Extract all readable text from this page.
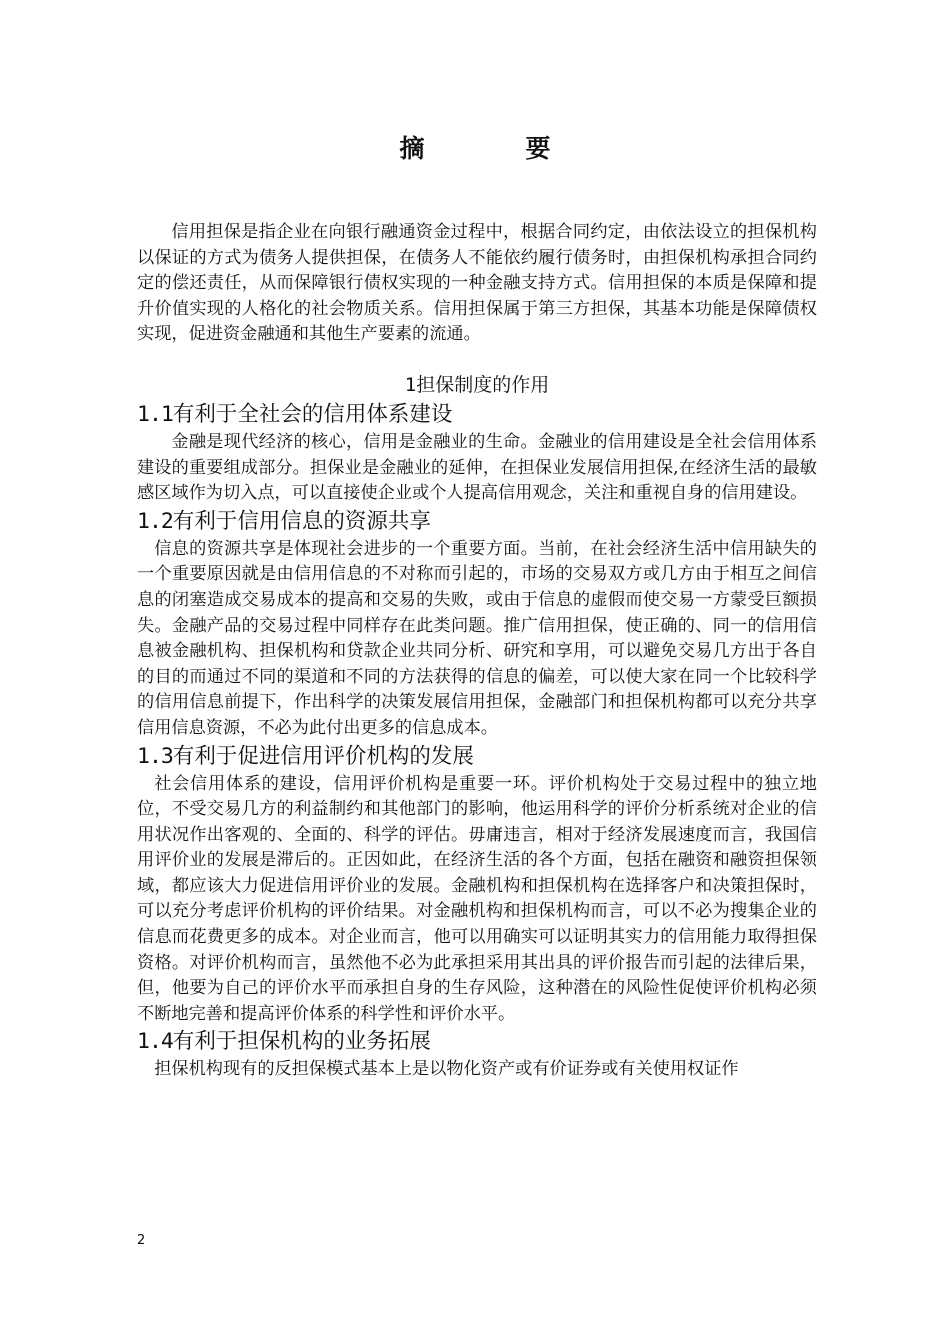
摘　要

信用担保是指企业在向银行融通资金过程中，根据合同约定，由依法设立的担保机构以保证的方式为债务人提供担保，在债务人不能依约履行债务时，由担保机构承担合同约定的偿还责任，从而保障银行债权实现的一种金融支持方式。信用担保的本质是保障和提升价值实现的人格化的社会物质关系。信用担保属于第三方担保，其基本功能是保障债权实现，促进资金融通和其他生产要素的流通。

1担保制度的作用
1.1有利于全社会的信用体系建设

金融是现代经济的核心，信用是金融业的生命。金融业的信用建设是全社会信用体系建设的重要组成部分。担保业是金融业的延伸，在担保业发展信用担保,在经济生活的最敏感区域作为切入点，可以直接使企业或个人提高信用观念，关注和重视自身的信用建设。

1.2有利于信用信息的资源共享

信息的资源共享是体现社会进步的一个重要方面。当前，在社会经济生活中信用缺失的一个重要原因就是由信用信息的不对称而引起的，市场的交易双方或几方由于相互之间信息的闭塞造成交易成本的提高和交易的失败，或由于信息的虚假而使交易一方蒙受巨额损失。金融产品的交易过程中同样存在此类问题。推广信用担保，使正确的、同一的信用信息被金融机构、担保机构和贷款企业共同分析、研究和享用，可以避免交易几方出于各自的目的而通过不同的渠道和不同的方法获得的信息的偏差，可以使大家在同一个比较科学的信用信息前提下，作出科学的决策发展信用担保，金融部门和担保机构都可以充分共享信用信息资源，不必为此付出更多的信息成本。

1.3有利于促进信用评价机构的发展

社会信用体系的建设，信用评价机构是重要一环。评价机构处于交易过程中的独立地位，不受交易几方的利益制约和其他部门的影响，他运用科学的评价分析系统对企业的信用状况作出客观的、全面的、科学的评估。毋庸违言，相对于经济发展速度而言，我国信用评价业的发展是滞后的。正因如此，在经济生活的各个方面，包括在融资和融资担保领域，都应该大力促进信用评价业的发展。金融机构和担保机构在选择客户和决策担保时，可以充分考虑评价机构的评价结果。对金融机构和担保机构而言，可以不必为搜集企业的信息而花费更多的成本。对企业而言，他可以用确实可以证明其实力的信用能力取得担保资格。对评价机构而言，虽然他不必为此承担采用其出具的评价报告而引起的法律后果，但，他要为自己的评价水平而承担自身的生存风险，这种潜在的风险性促使评价机构必须不断地完善和提高评价体系的科学性和评价水平。

1.4有利于担保机构的业务拓展

担保机构现有的反担保模式基本上是以物化资产或有价证券或有关使用权证作

2
